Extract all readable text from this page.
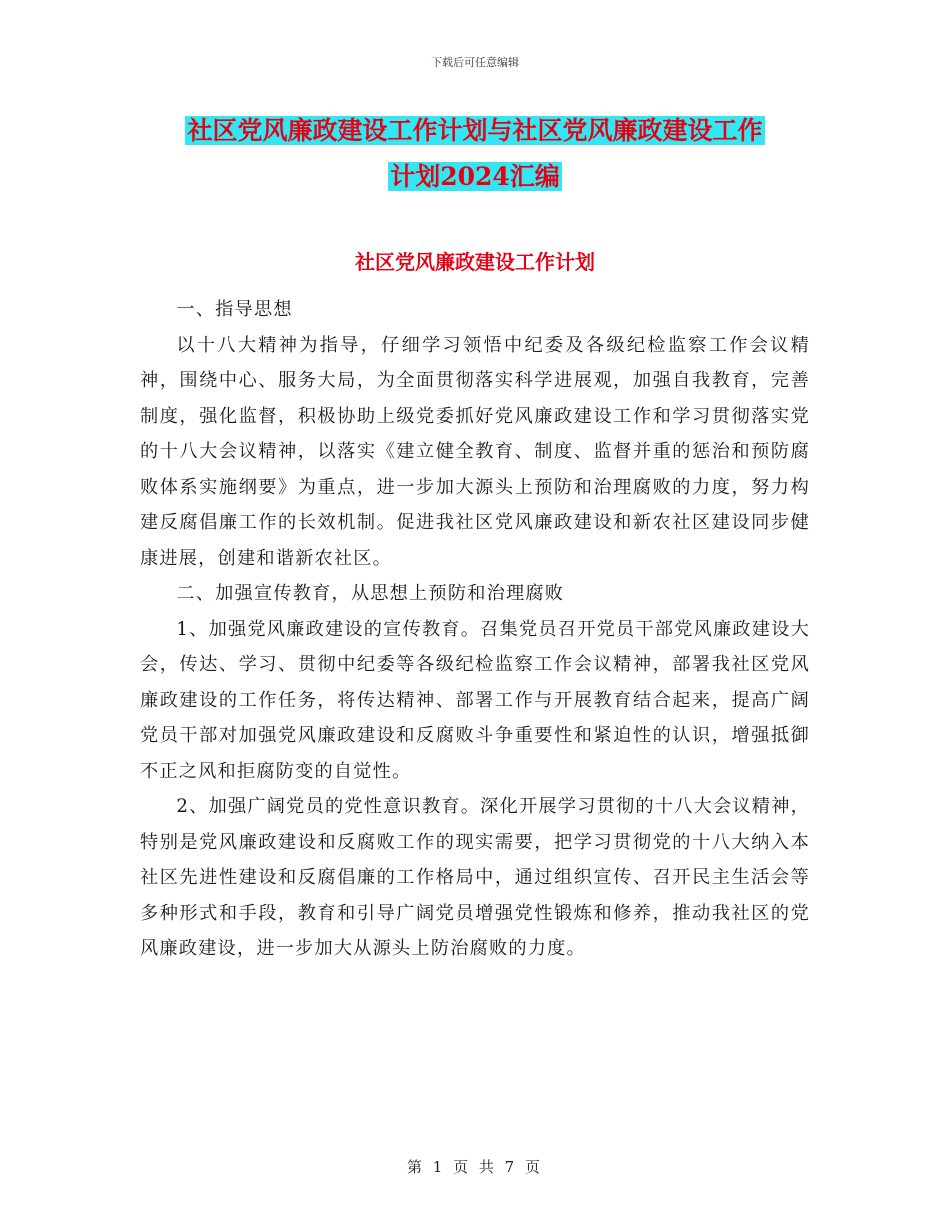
下载后可任意编辑
社区党风廉政建设工作计划与社区党风廉政建设工作
计划2024汇编
社区党风廉政建设工作计划

一、指导思想

以十八大精神为指导，仔细学习领悟中纪委及各级纪检监察工作会议精神，围绕中心、服务大局，为全面贯彻落实科学进展观，加强自我教育，完善制度，强化监督，积极协助上级党委抓好党风廉政建设工作和学习贯彻落实党的十八大会议精神，以落实《建立健全教育、制度、监督并重的惩治和预防腐败体系实施纲要》为重点，进一步加大源头上预防和治理腐败的力度，努力构建反腐倡廉工作的长效机制。促进我社区党风廉政建设和新农社区建设同步健康进展，创建和谐新农社区。

二、加强宣传教育，从思想上预防和治理腐败

1、加强党风廉政建设的宣传教育。召集党员召开党员干部党风廉政建设大会，传达、学习、贯彻中纪委等各级纪检监察工作会议精神，部署我社区党风廉政建设的工作任务，将传达精神、部署工作与开展教育结合起来，提高广阔党员干部对加强党风廉政建设和反腐败斗争重要性和紧迫性的认识，增强抵御不正之风和拒腐防变的自觉性。

2、加强广阔党员的党性意识教育。深化开展学习贯彻的十八大会议精神，特别是党风廉政建设和反腐败工作的现实需要，把学习贯彻党的十八大纳入本社区先进性建设和反腐倡廉的工作格局中，通过组织宣传、召开民主生活会等多种形式和手段，教育和引导广阔党员增强党性锻炼和修养，推动我社区的党风廉政建设，进一步加大从源头上防治腐败的力度。

第 1 页 共 7 页
